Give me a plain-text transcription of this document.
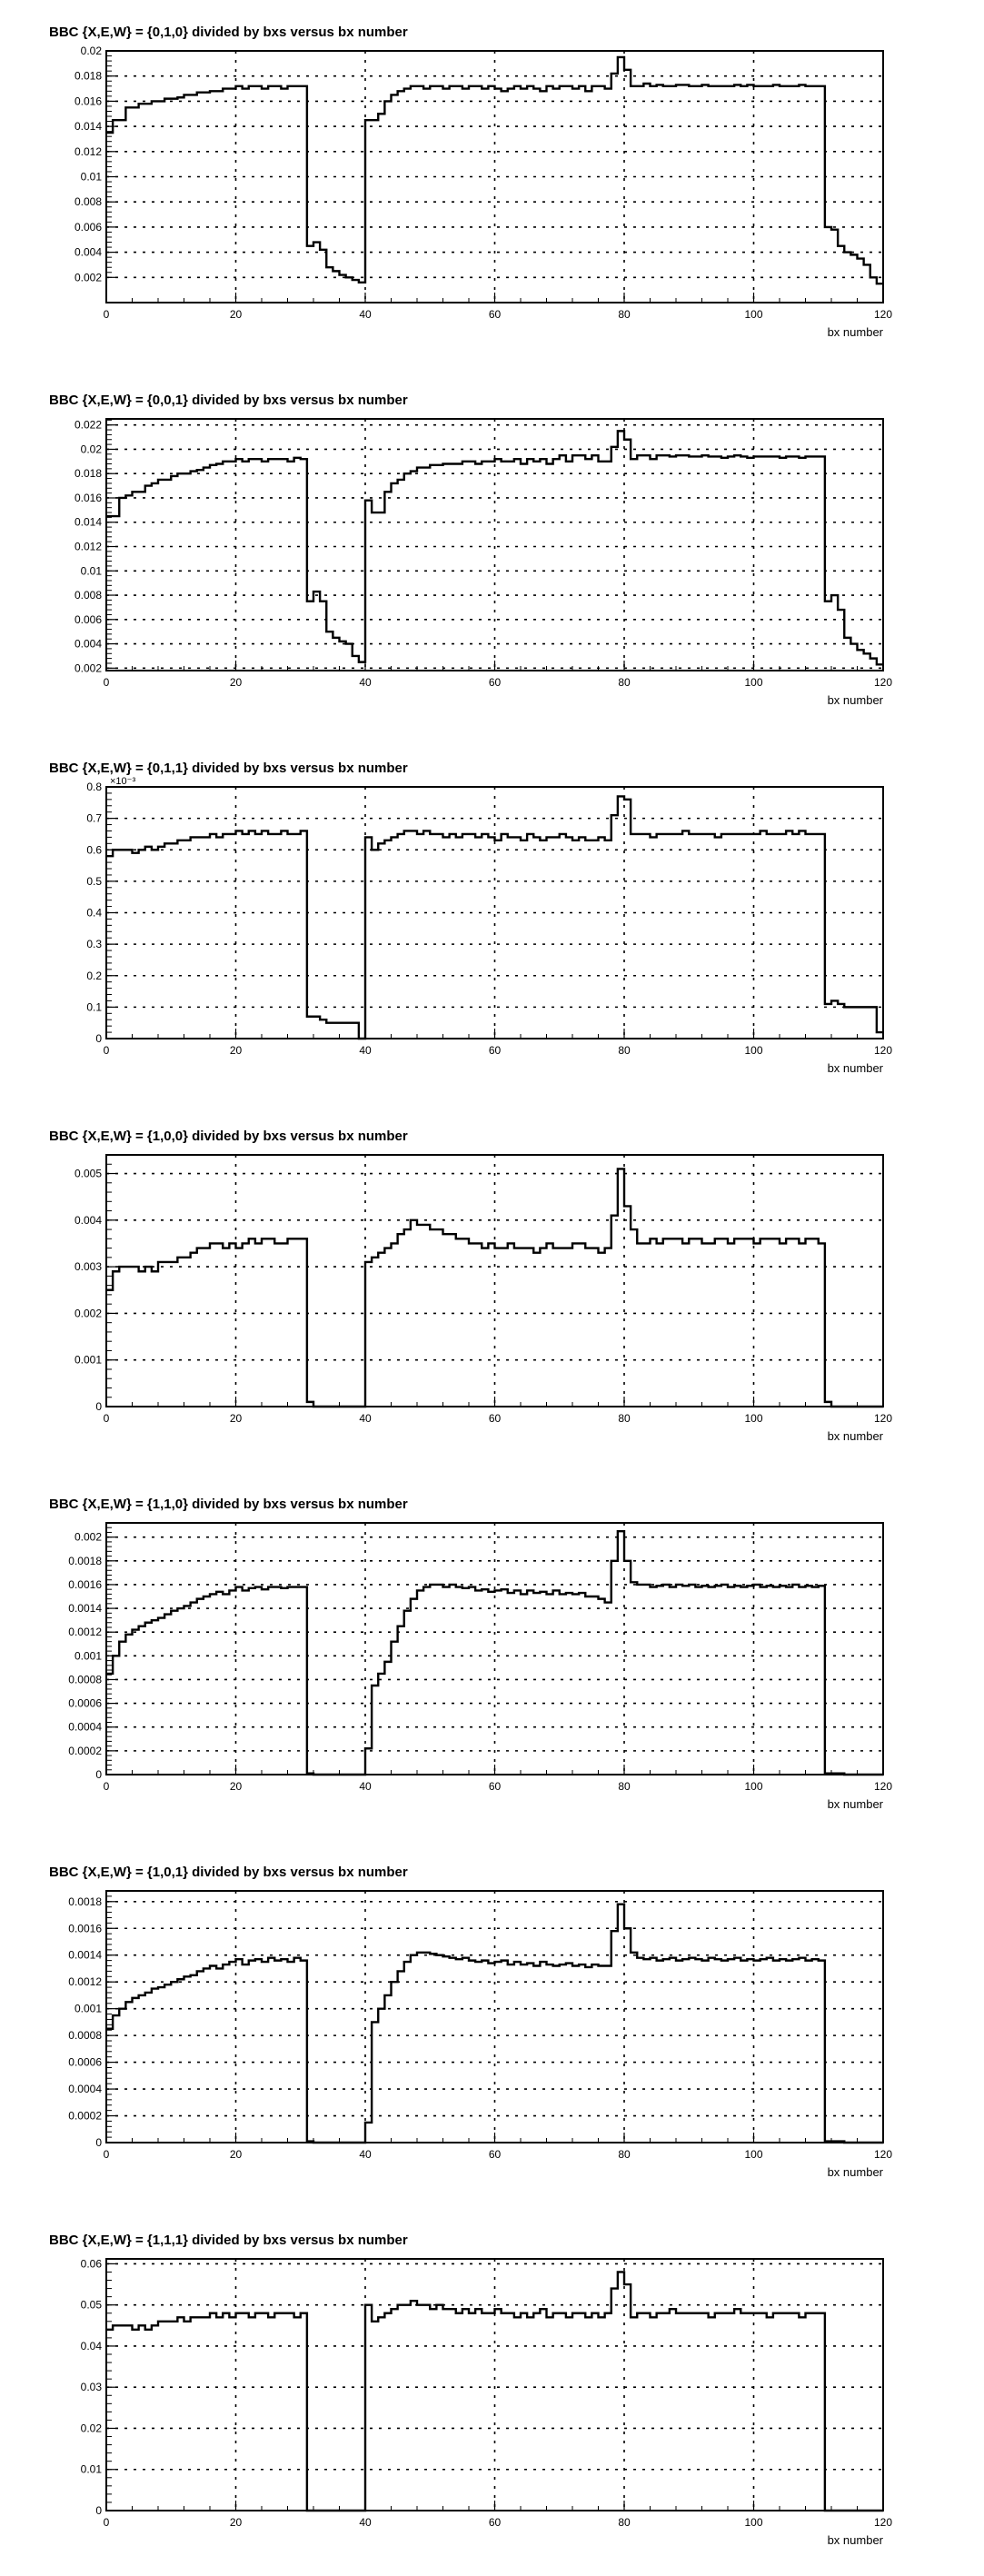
BBC {X,E,W} = {0,1,0} divided by bxs versus bx number
0	20	40	60	80	100	120
0.002
0.004
0.006
0.008
0.01
0.012
0.014
0.016
0.018
0.02
bx number
BBC {X,E,W} = {0,0,1} divided by bxs versus bx number
0	20	40	60	80	100	120
0.002
0.004
0.006
0.008
0.01
0.012
0.014
0.016
0.018
0.02
0.022
bx number
BBC {X,E,W} = {0,1,1} divided by bxs versus bx number
0	20	40	60	80	100	120
0
0.1
0.2
0.3
0.4
0.5
0.6
0.7
0.8 ×10⁻³
bx number
BBC {X,E,W} = {1,0,0} divided by bxs versus bx number
0	20	40	60	80	100	120
0
0.001
0.002
0.003
0.004
0.005
bx number
BBC {X,E,W} = {1,1,0} divided by bxs versus bx number
0	20	40	60	80	100	120
0
0.0002
0.0004
0.0006
0.0008
0.001
0.0012
0.0014
0.0016
0.0018
0.002
bx number
BBC {X,E,W} = {1,0,1} divided by bxs versus bx number
0	20	40	60	80	100	120
0
0.0002
0.0004
0.0006
0.0008
0.001
0.0012
0.0014
0.0016
0.0018
bx number
BBC {X,E,W} = {1,1,1} divided by bxs versus bx number
0	20	40	60	80	100	120
0
0.01
0.02
0.03
0.04
0.05
0.06
bx number
